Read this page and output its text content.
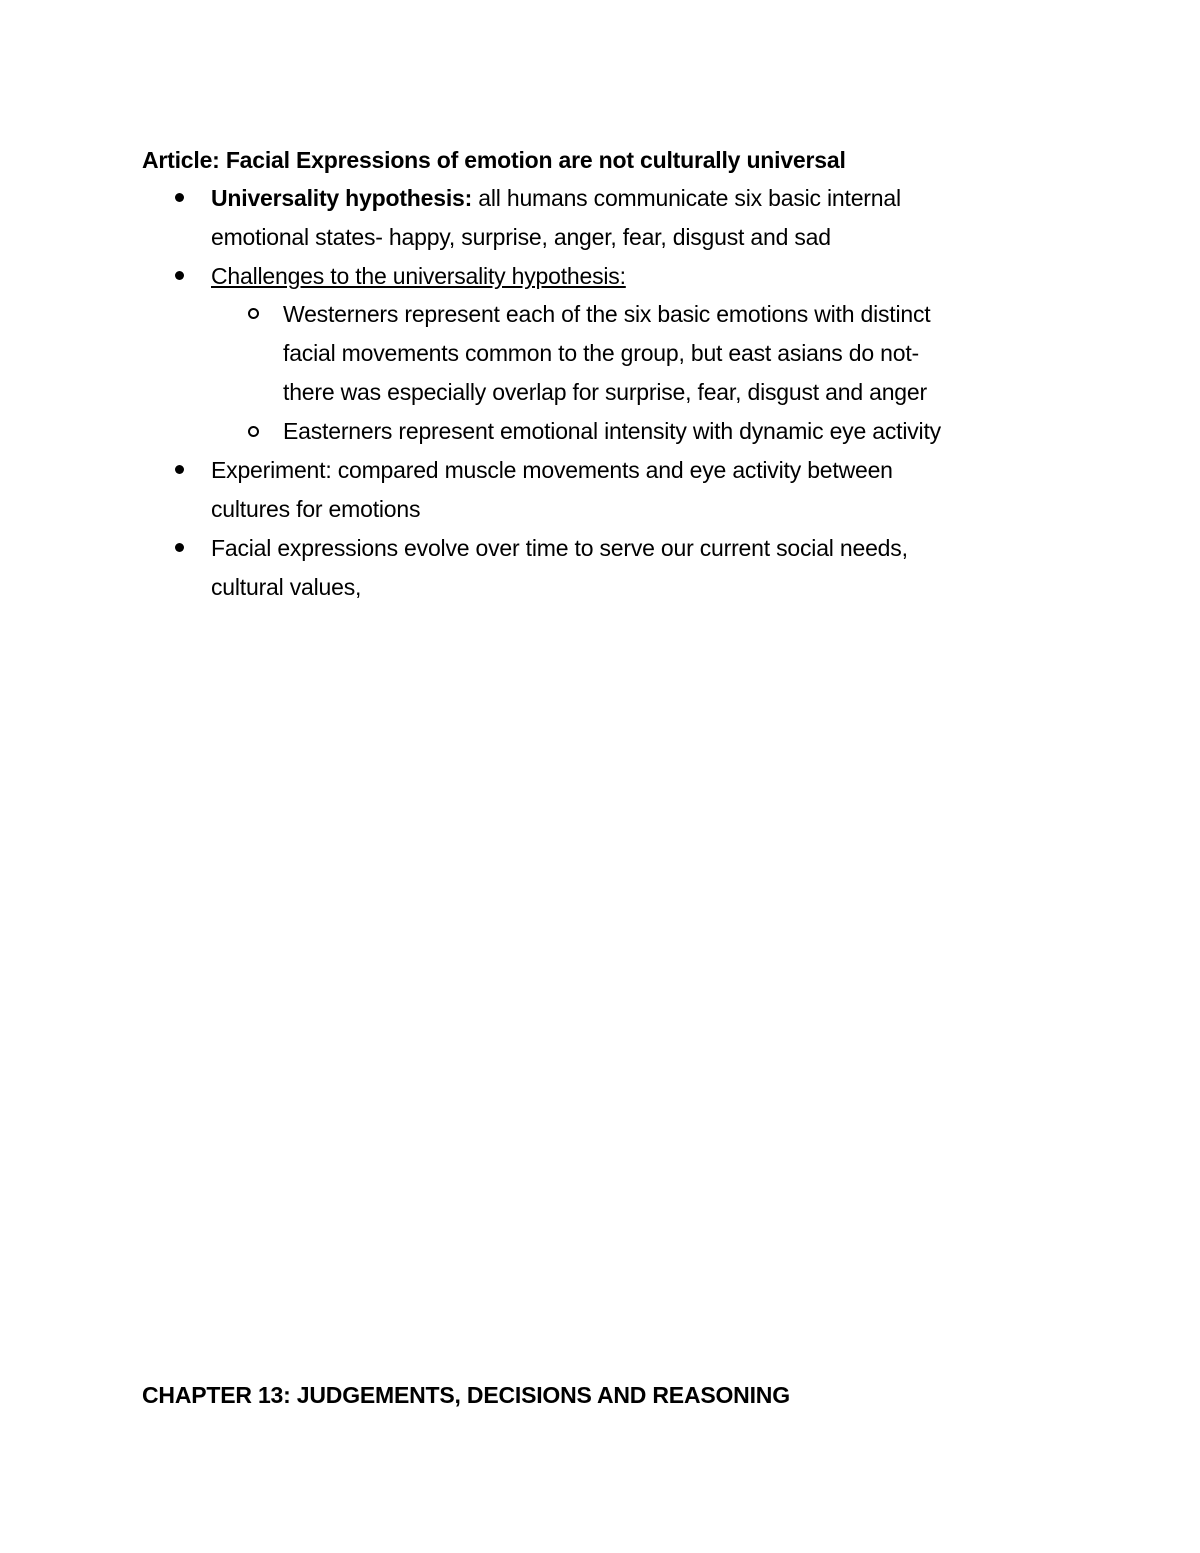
Article: Facial Expressions of emotion are not culturally universal
Universality hypothesis: all humans communicate six basic internal
emotional states- happy, surprise, anger, fear, disgust and sad
Challenges to the universality hypothesis:
Westerners represent each of the six basic emotions with distinct
facial movements common to the group, but east asians do not-
there was especially overlap for surprise, fear, disgust and anger
Easterners represent emotional intensity with dynamic eye activity
Experiment: compared muscle movements and eye activity between
cultures for emotions
Facial expressions evolve over time to serve our current social needs,
cultural values,
CHAPTER 13: JUDGEMENTS, DECISIONS AND REASONING
